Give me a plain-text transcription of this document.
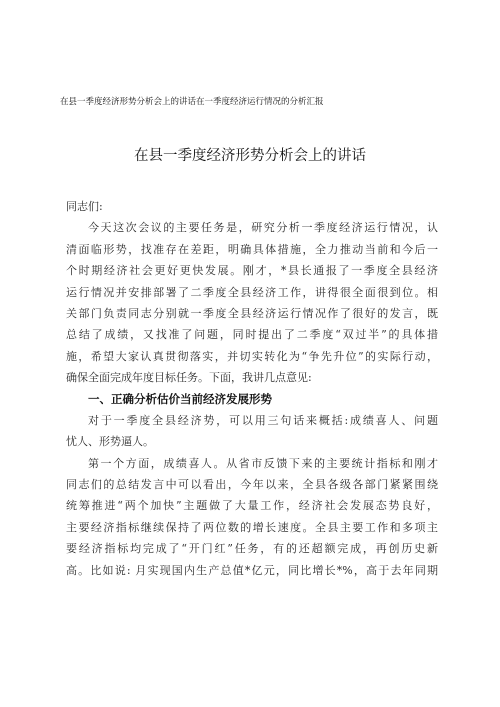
在县一季度经济形势分析会上的讲话在一季度经济运行情况的分析汇报
在县一季度经济形势分析会上的讲话
同志们:
今天这次会议的主要任务是，研究分析一季度经济运行情况，认
清面临形势，找准存在差距，明确具体措施，全力推动当前和今后一
个时期经济社会更好更快发展。刚才，*县长通报了一季度全县经济
运行情况并安排部署了二季度全县经济工作，讲得很全面很到位。相
关部门负责同志分别就一季度全县经济运行情况作了很好的发言，既
总结了成绩，又找准了问题，同时提出了二季度“双过半”的具体措
施，希望大家认真贯彻落实，并切实转化为“争先升位”的实际行动，
确保全面完成年度目标任务。下面，我讲几点意见:
一、正确分析估价当前经济发展形势
对于一季度全县经济势，可以用三句话来概括:成绩喜人、问题
忧人、形势逼人。
第一个方面，成绩喜人。从省市反馈下来的主要统计指标和刚才
同志们的总结发言中可以看出，今年以来，全县各级各部门紧紧围绕
统筹推进“两个加快”主题做了大量工作，经济社会发展态势良好，
主要经济指标继续保持了两位数的增长速度。全县主要工作和多项主
要经济指标均完成了“开门红”任务，有的还超额完成，再创历史新
高。比如说: 月实现国内生产总值*亿元，同比增长*%，高于去年同期
